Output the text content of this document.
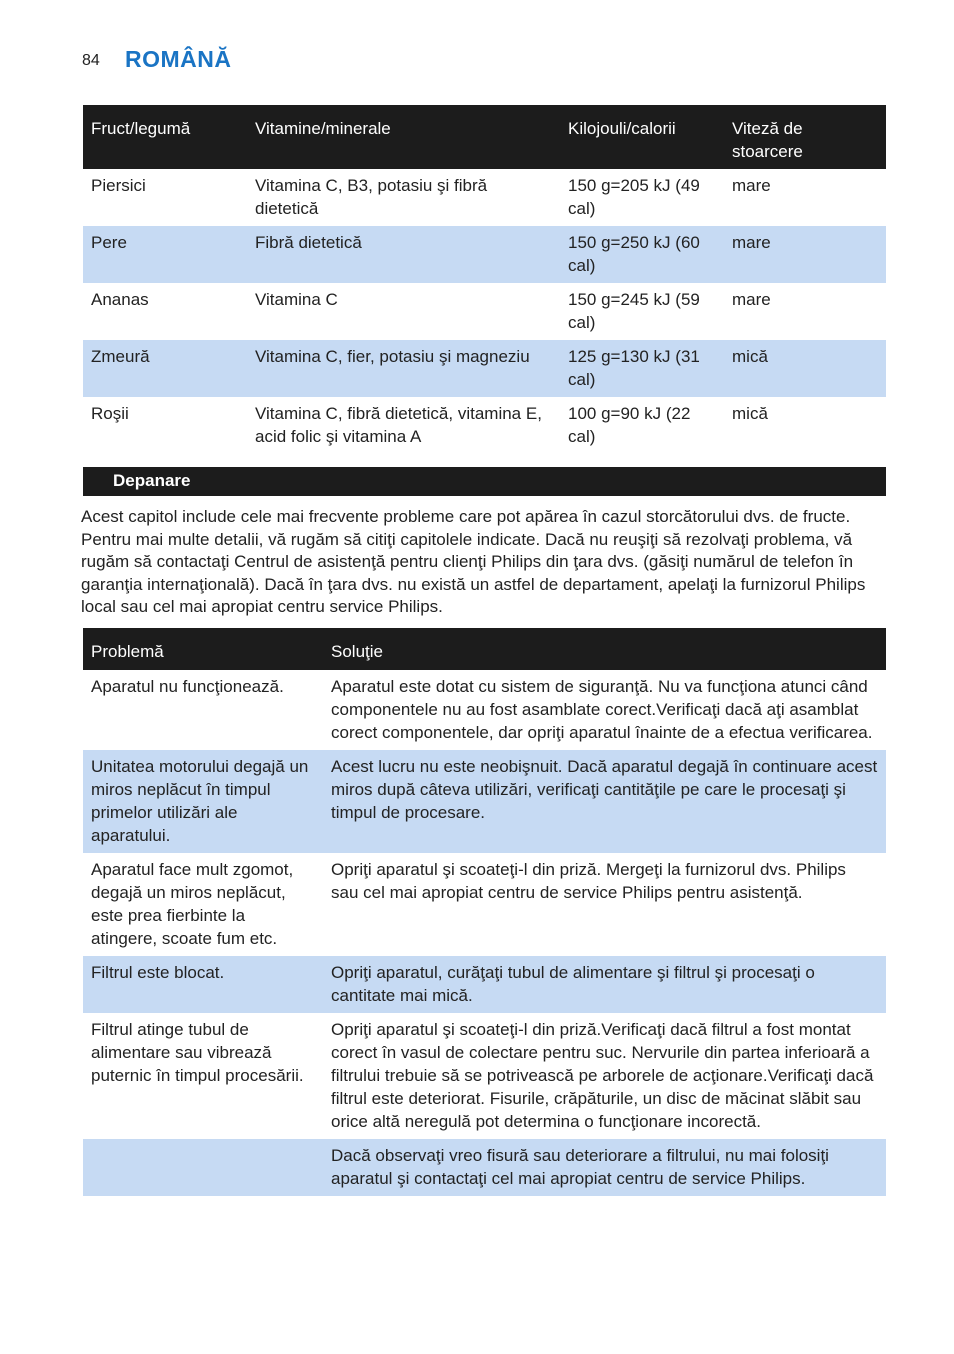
84 ROMÂNĂ
Fruct/legumă	Vitamine/minerale	Kilojouli/calorii	Viteză de stoarcere
Piersici	Vitamina C, B3, potasiu şi fibră dietetică	150 g=205 kJ (49 cal)	mare
Pere	Fibră dietetică	150 g=250 kJ (60 cal)	mare
Ananas	Vitamina C	150 g=245 kJ (59 cal)	mare
Zmeură	Vitamina C, fier, potasiu şi magneziu	125 g=130 kJ (31 cal)	mică
Roşii	Vitamina C, fibră dietetică, vitamina E, acid folic şi vitamina A	100 g=90 kJ (22 cal)	mică
Depanare

Acest capitol include cele mai frecvente probleme care pot apărea în cazul storcătorului dvs. de fructe. Pentru mai multe detalii, vă rugăm să citiţi capitolele indicate. Dacă nu reuşiţi să rezolvaţi problema, vă rugăm să contactaţi Centrul de asistenţă pentru clienţi Philips din ţara dvs. (găsiţi numărul de telefon în garanţia internaţională). Dacă în ţara dvs. nu există un astfel de departament, apelaţi la furnizorul Philips local sau cel mai apropiat centru service Philips.

Problemă	Soluţie
Aparatul nu funcţionează.	Aparatul este dotat cu sistem de siguranţă. Nu va funcţiona atunci când componentele nu au fost asamblate corect.Verificaţi dacă aţi asamblat corect componentele, dar opriţi aparatul înainte de a efectua verificarea.
Unitatea motorului degajă un miros neplăcut în timpul primelor utilizări ale aparatului.	Acest lucru nu este neobişnuit. Dacă aparatul degajă în continuare acest miros după câteva utilizări, verificaţi cantităţile pe care le procesaţi şi timpul de procesare.
Aparatul face mult zgomot, degajă un miros neplăcut, este prea fierbinte la atingere, scoate fum etc.	Opriţi aparatul şi scoateţi-l din priză. Mergeţi la furnizorul dvs. Philips sau cel mai apropiat centru de service Philips pentru asistenţă.
Filtrul este blocat.	Opriţi aparatul, curăţaţi tubul de alimentare şi filtrul şi procesaţi o cantitate mai mică.
Filtrul atinge tubul de alimentare sau vibrează puternic în timpul procesării.	Opriţi aparatul şi scoateţi-l din priză.Verificaţi dacă filtrul a fost montat corect în vasul de colectare pentru suc. Nervurile din partea inferioară a filtrului trebuie să se potrivească pe arborele de acţionare.Verificaţi dacă filtrul este deteriorat. Fisurile, crăpăturile, un disc de măcinat slăbit sau orice altă neregulă pot determina o funcţionare incorectă.
	Dacă observaţi vreo fisură sau deteriorare a filtrului, nu mai folosiţi aparatul şi contactaţi cel mai apropiat centru de service Philips.
